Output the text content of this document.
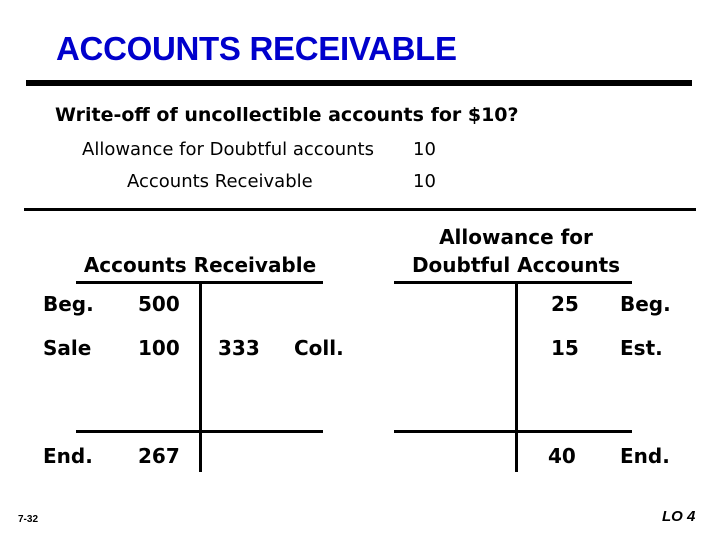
ACCOUNTS RECEIVABLE
Write-off of uncollectible accounts for $10?
Allowance for Doubtful accounts 10
Accounts Receivable	10
Accounts Receivable
Beg. 500
Sale 100 333 Coll.
End. 267
Allowance for
Doubtful Accounts
25 Beg.
15 Est.
40 End.
7-32	LO 4
